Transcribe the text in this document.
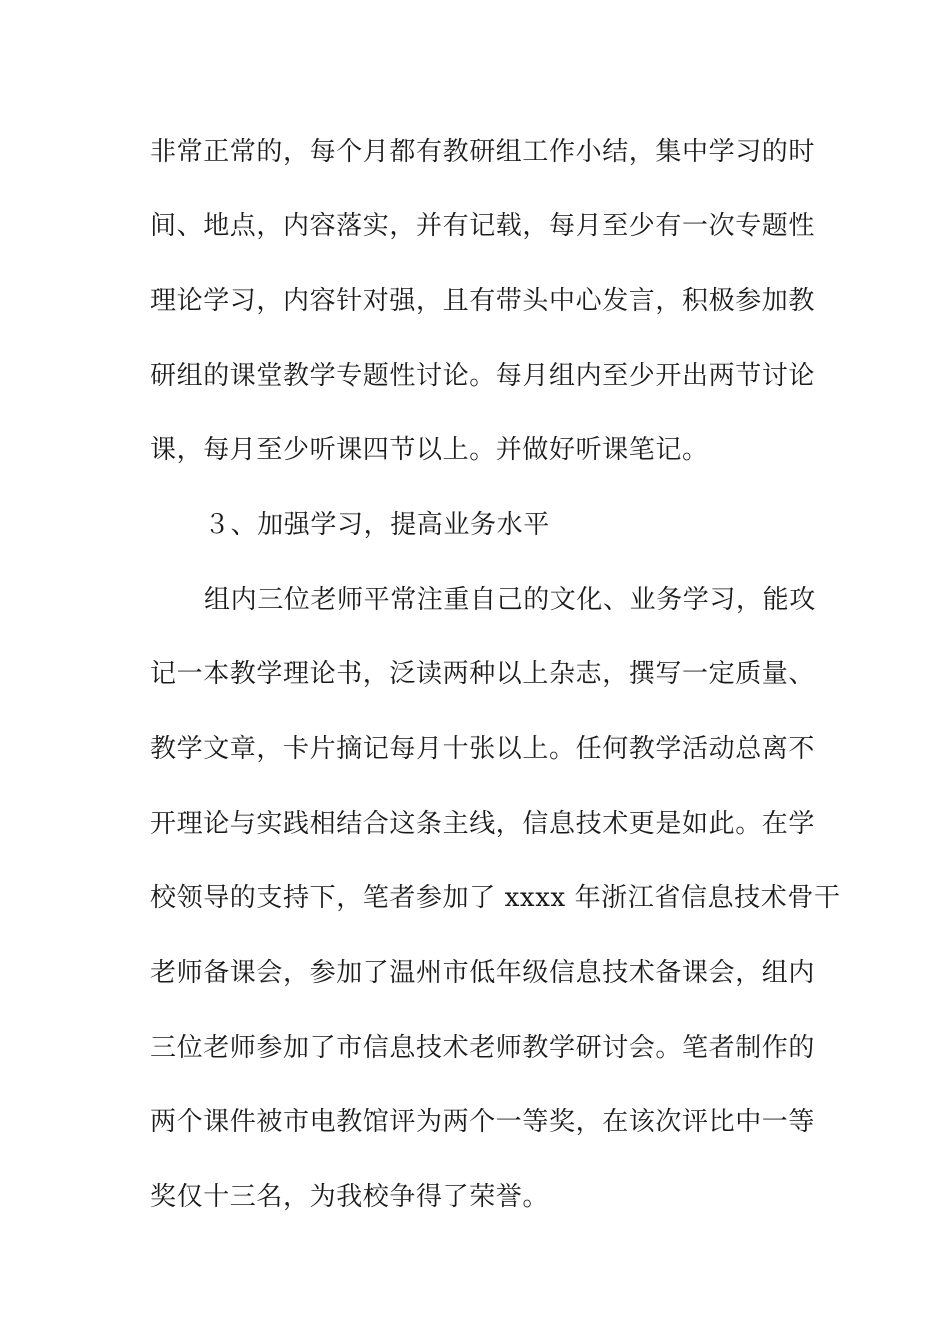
非常正常的，每个月都有教研组工作小结，集中学习的时
间、地点，内容落实，并有记载，每月至少有一次专题性
理论学习，内容针对强，且有带头中心发言，积极参加教
研组的课堂教学专题性讨论。每月组内至少开出两节讨论
课，每月至少听课四节以上。并做好听课笔记。
３、加强学习，提高业务水平
组内三位老师平常注重自己的文化、业务学习，能攻
记一本教学理论书，泛读两种以上杂志，撰写一定质量、
教学文章，卡片摘记每月十张以上。任何教学活动总离不
开理论与实践相结合这条主线，信息技术更是如此。在学
校领导的支持下，笔者参加了 xxxx 年浙江省信息技术骨干
老师备课会，参加了温州市低年级信息技术备课会，组内
三位老师参加了市信息技术老师教学研讨会。笔者制作的
两个课件被市电教馆评为两个一等奖，在该次评比中一等
奖仅十三名，为我校争得了荣誉。
